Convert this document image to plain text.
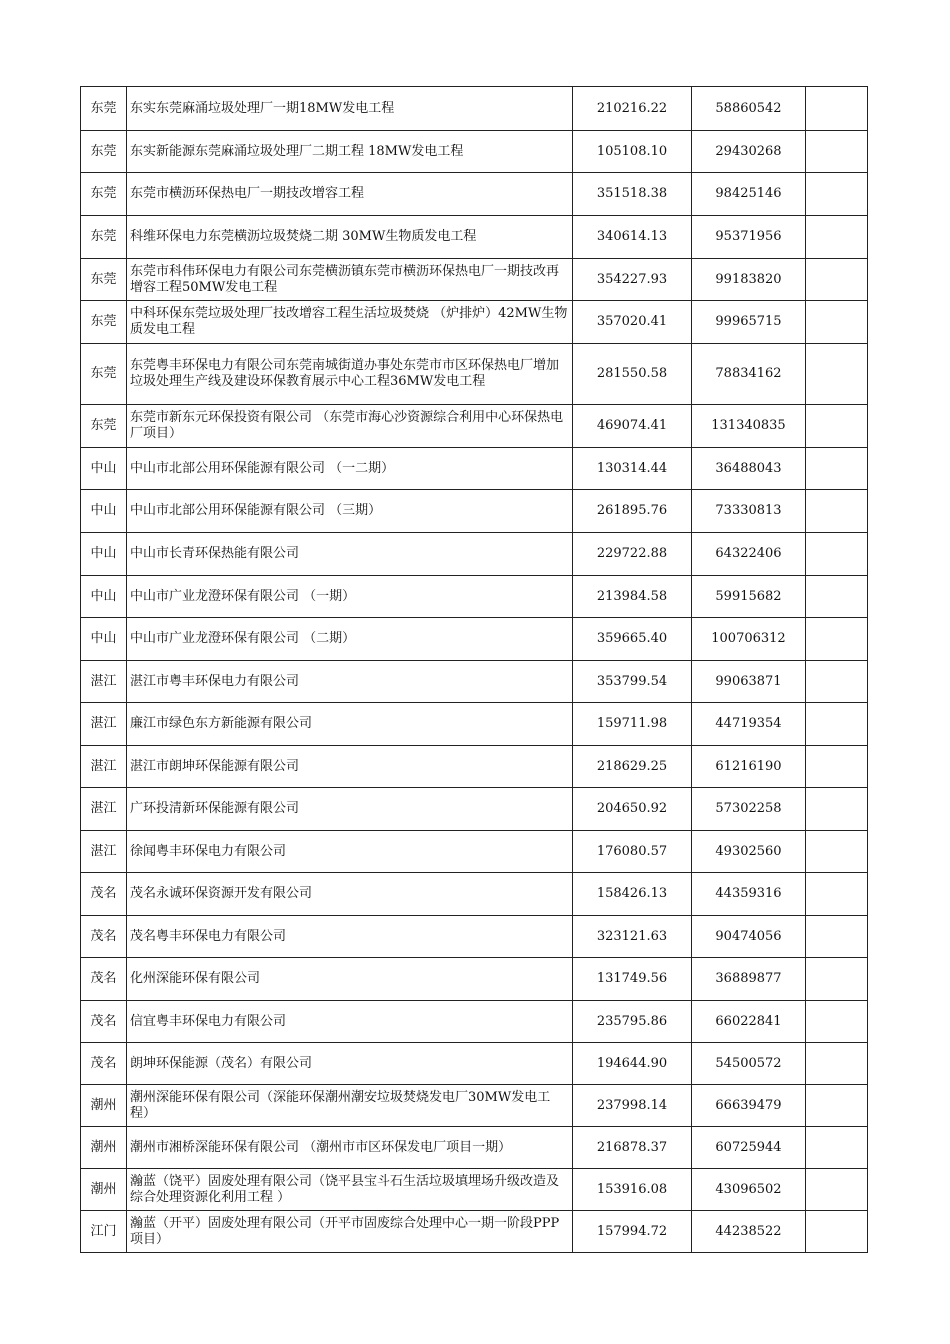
东莞	东实东莞麻涌垃圾处理厂一期18MW发电工程	210216.22	58860542	
东莞	东实新能源东莞麻涌垃圾处理厂二期工程 18MW发电工程	105108.10	29430268	
东莞	东莞市横沥环保热电厂一期技改增容工程	351518.38	98425146	
东莞	科维环保电力东莞横沥垃圾焚烧二期 30MW生物质发电工程	340614.13	95371956	
东莞	东莞市科伟环保电力有限公司东莞横沥镇东莞市横沥环保热电厂一期技改再增容工程50MW发电工程	354227.93	99183820	
东莞	中科环保东莞垃圾处理厂技改增容工程生活垃圾焚烧 （炉排炉）42MW生物质发电工程	357020.41	99965715	
东莞	东莞粤丰环保电力有限公司东莞南城街道办事处东莞市市区环保热电厂增加垃圾处理生产线及建设环保教育展示中心工程36MW发电工程	281550.58	78834162	
东莞	东莞市新东元环保投资有限公司 （东莞市海心沙资源综合利用中心环保热电厂项目）	469074.41	131340835	
中山	中山市北部公用环保能源有限公司 （一二期）	130314.44	36488043	
中山	中山市北部公用环保能源有限公司 （三期）	261895.76	73330813	
中山	中山市长青环保热能有限公司	229722.88	64322406	
中山	中山市广业龙澄环保有限公司 （一期）	213984.58	59915682	
中山	中山市广业龙澄环保有限公司 （二期）	359665.40	100706312	
湛江	湛江市粤丰环保电力有限公司	353799.54	99063871	
湛江	廉江市绿色东方新能源有限公司	159711.98	44719354	
湛江	湛江市朗坤环保能源有限公司	218629.25	61216190	
湛江	广环投清新环保能源有限公司	204650.92	57302258	
湛江	徐闻粤丰环保电力有限公司	176080.57	49302560	
茂名	茂名永诚环保资源开发有限公司	158426.13	44359316	
茂名	茂名粤丰环保电力有限公司	323121.63	90474056	
茂名	化州深能环保有限公司	131749.56	36889877	
茂名	信宜粤丰环保电力有限公司	235795.86	66022841	
茂名	朗坤环保能源（茂名）有限公司	194644.90	54500572	
潮州	潮州深能环保有限公司（深能环保潮州潮安垃圾焚烧发电厂30MW发电工程）	237998.14	66639479	
潮州	潮州市湘桥深能环保有限公司 （潮州市市区环保发电厂项目一期）	216878.37	60725944	
潮州	瀚蓝（饶平）固废处理有限公司（饶平县宝斗石生活垃圾填埋场升级改造及综合处理资源化利用工程 ）	153916.08	43096502	
江门	瀚蓝（开平）固废处理有限公司（开平市固废综合处理中心一期一阶段PPP项目）	157994.72	44238522	
